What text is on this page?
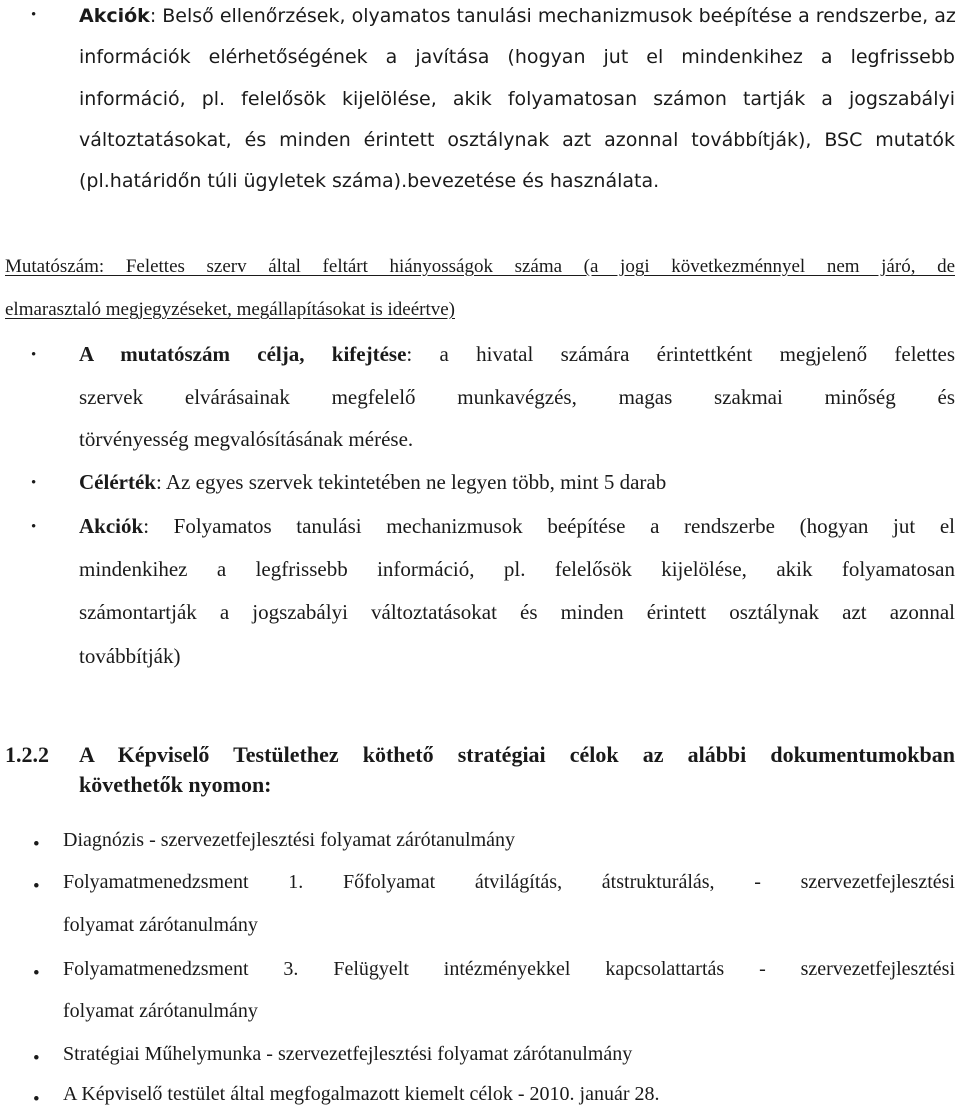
• Akciók: Belső ellenőrzések, olyamatos tanulási mechanizmusok beépítése a rendszerbe, az
információk elérhetőségének a javítása (hogyan jut el mindenkihez a legfrissebb
információ, pl. felelősök kijelölése, akik folyamatosan számon tartják a jogszabályi
változtatásokat, és minden érintett osztálynak azt azonnal továbbítják), BSC mutatók
(pl.határidőn túli ügyletek száma).bevezetése és használata.
Mutatószám: Felettes szerv által feltárt hiányosságok száma (a jogi következménnyel nem járó, de
elmarasztaló megjegyzéseket, megállapításokat is ideértve)
• A mutatószám célja, kifejtése: a hivatal számára érintettként megjelenő felettes
szervek elvárásainak megfelelő munkavégzés, magas szakmai minőség és
törvényesség megvalósításának mérése.
• Célérték: Az egyes szervek tekintetében ne legyen több, mint 5 darab
• Akciók: Folyamatos tanulási mechanizmusok beépítése a rendszerbe (hogyan jut el
mindenkihez a legfrissebb információ, pl. felelősök kijelölése, akik folyamatosan
számontartják a jogszabályi változtatásokat és minden érintett osztálynak azt azonnal
továbbítják)
1.2.2 A Képviselő Testülethez köthető stratégiai célok az alábbi dokumentumokban
követhetők nyomon:
• Diagnózis - szervezetfejlesztési folyamat zárótanulmány
• Folyamatmenedzsment 1. Főfolyamat átvilágítás, átstrukturálás, - szervezetfejlesztési
folyamat zárótanulmány
• Folyamatmenedzsment 3. Felügyelt intézményekkel kapcsolattartás - szervezetfejlesztési
folyamat zárótanulmány
• Stratégiai Műhelymunka - szervezetfejlesztési folyamat zárótanulmány
• A Képviselő testület által megfogalmazott kiemelt célok - 2010. január 28.
